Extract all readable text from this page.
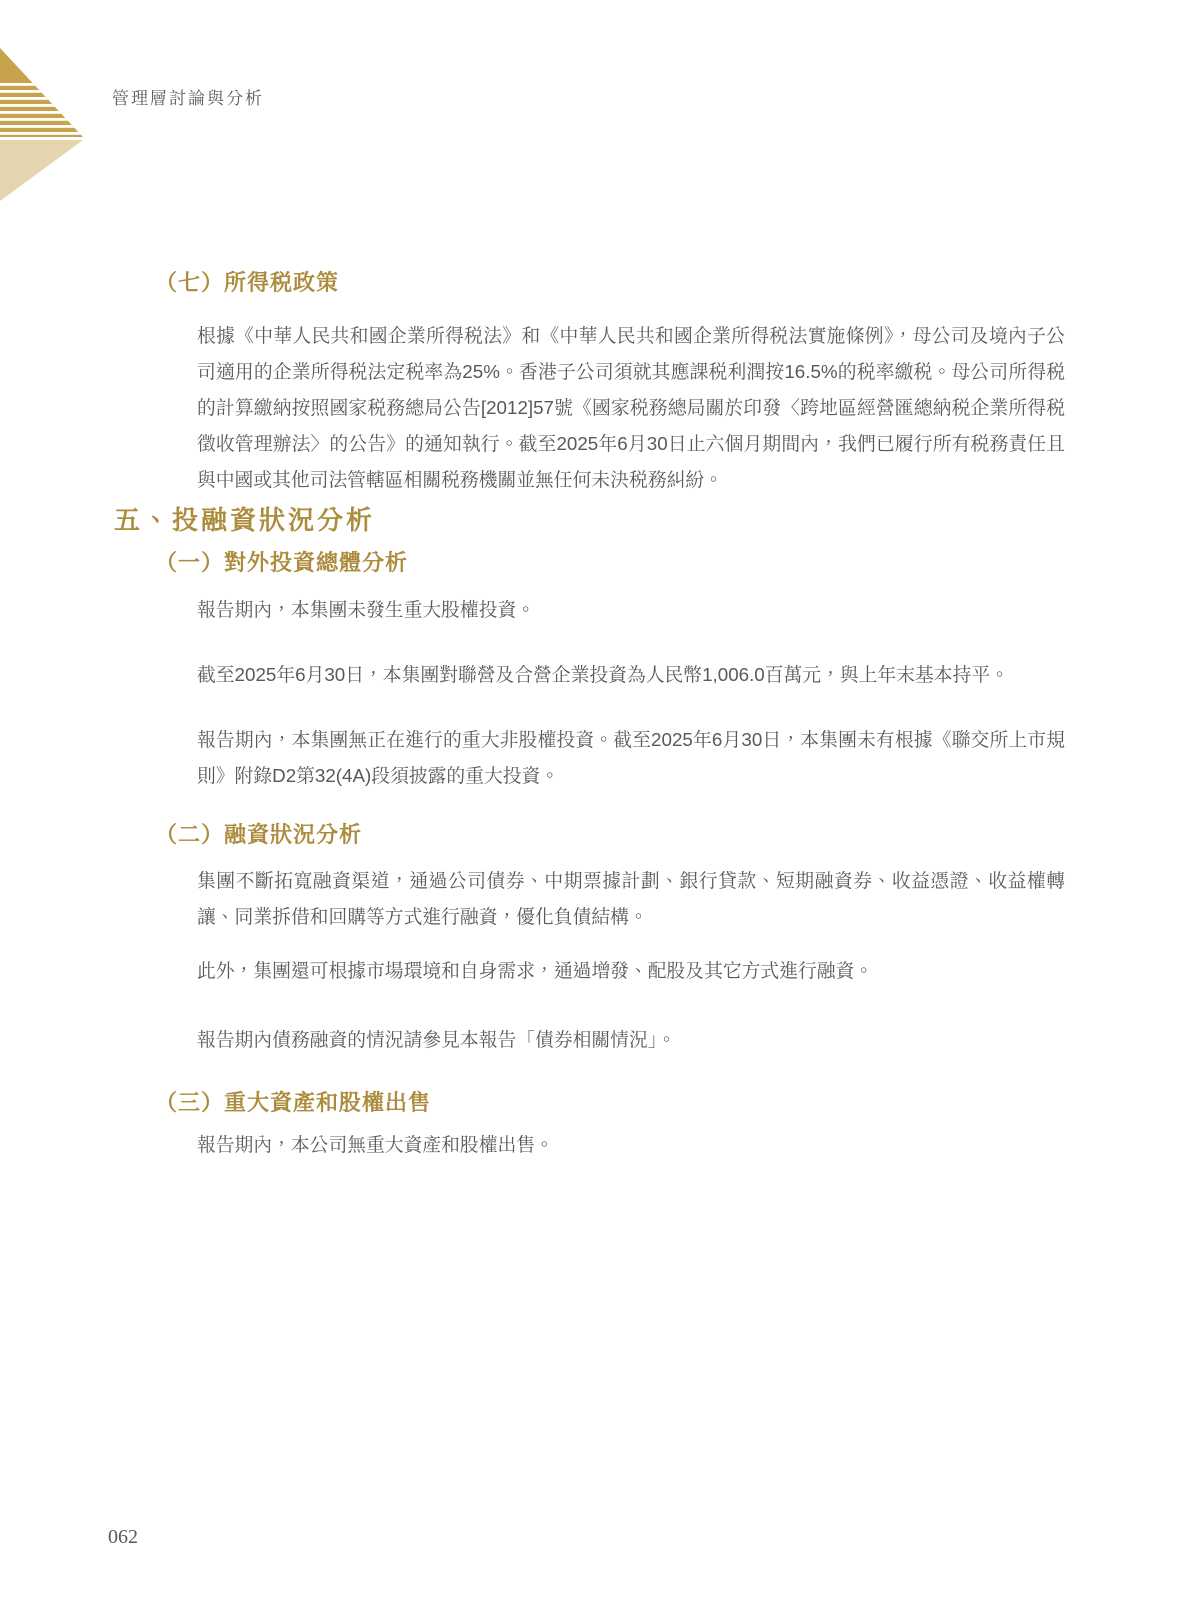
管理層討論與分析
（七）所得税政策
根據《中華人民共和國企業所得税法》和《中華人民共和國企業所得税法實施條例》，母公司及境內子公司適用的企業所得税法定税率為25%。香港子公司須就其應課税利潤按16.5%的税率繳税。母公司所得税的計算繳納按照國家税務總局公告[2012]57號《國家税務總局關於印發〈跨地區經營匯總納税企業所得税徵收管理辦法〉的公告》的通知執行。截至2025年6月30日止六個月期間內，我們已履行所有税務責任且與中國或其他司法管轄區相關税務機關並無任何未決税務糾紛。
五、投融資狀況分析
（一）對外投資總體分析
報告期內，本集團未發生重大股權投資。
截至2025年6月30日，本集團對聯營及合營企業投資為人民幣1,006.0百萬元，與上年末基本持平。
報告期內，本集團無正在進行的重大非股權投資。截至2025年6月30日，本集團未有根據《聯交所上市規則》附錄D2第32(4A)段須披露的重大投資。
（二）融資狀況分析
集團不斷拓寬融資渠道，通過公司債券、中期票據計劃、銀行貸款、短期融資券、收益憑證、收益權轉讓、同業拆借和回購等方式進行融資，優化負債結構。
此外，集團還可根據市場環境和自身需求，通過增發、配股及其它方式進行融資。
報告期內債務融資的情況請參見本報告「債券相關情況」。
（三）重大資產和股權出售
報告期內，本公司無重大資產和股權出售。
062
